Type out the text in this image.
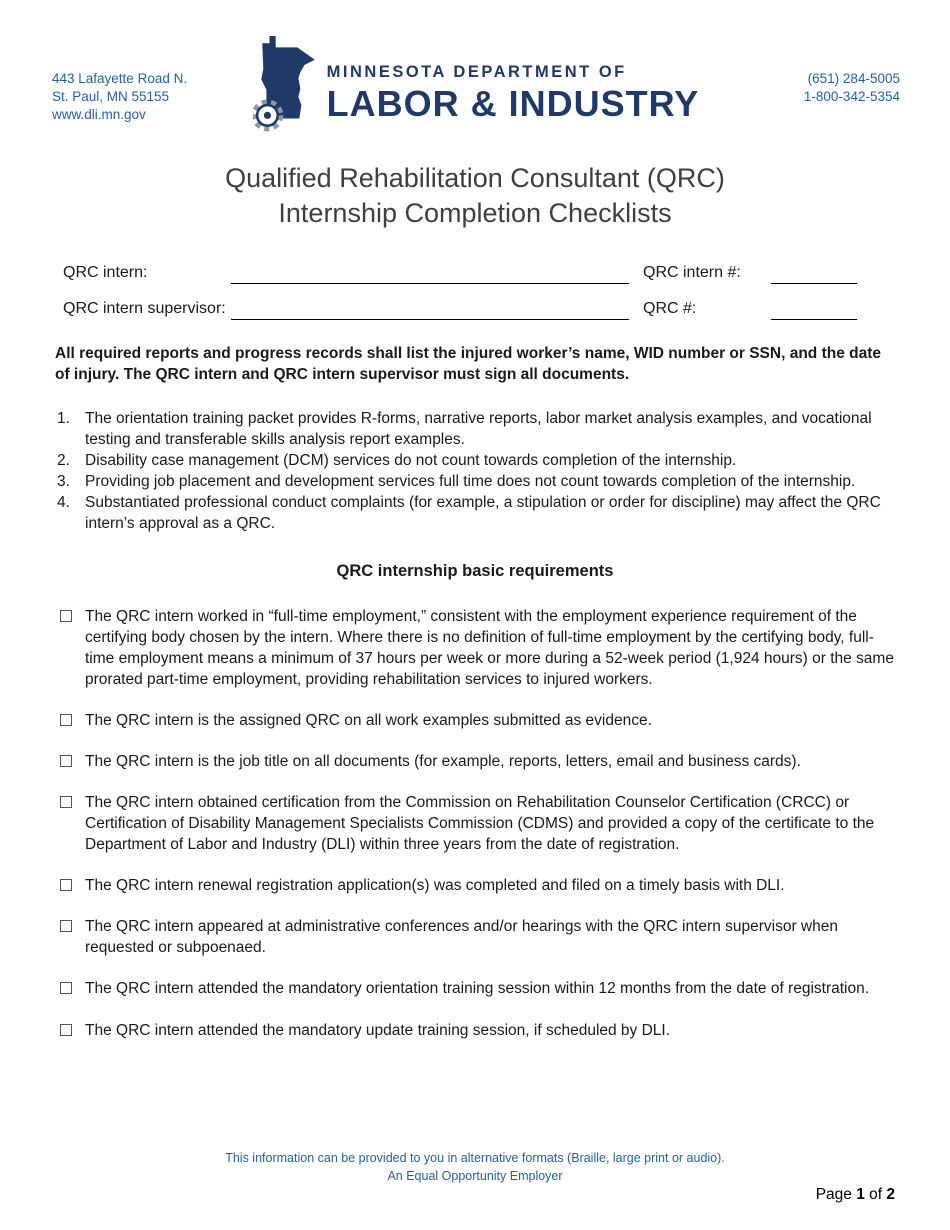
443 Lafayette Road N.
St. Paul, MN 55155
www.dli.mn.gov
MINNESOTA DEPARTMENT OF
LABOR & INDUSTRY
(651) 284-5005
1-800-342-5354
Qualified Rehabilitation Consultant (QRC)
Internship Completion Checklists
QRC intern:	QRC intern #:
QRC intern supervisor:	QRC #:
All required reports and progress records shall list the injured worker’s name, WID number or SSN, and the date of injury. The QRC intern and QRC intern supervisor must sign all documents.
1. The orientation training packet provides R-forms, narrative reports, labor market analysis examples, and vocational testing and transferable skills analysis report examples.
2. Disability case management (DCM) services do not count towards completion of the internship.
3. Providing job placement and development services full time does not count towards completion of the internship.
4. Substantiated professional conduct complaints (for example, a stipulation or order for discipline) may affect the QRC intern’s approval as a QRC.
QRC internship basic requirements
The QRC intern worked in “full-time employment,” consistent with the employment experience requirement of the certifying body chosen by the intern. Where there is no definition of full-time employment by the certifying body, full-time employment means a minimum of 37 hours per week or more during a 52-week period (1,924 hours) or the same prorated part-time employment, providing rehabilitation services to injured workers.
The QRC intern is the assigned QRC on all work examples submitted as evidence.
The QRC intern is the job title on all documents (for example, reports, letters, email and business cards).
The QRC intern obtained certification from the Commission on Rehabilitation Counselor Certification (CRCC) or Certification of Disability Management Specialists Commission (CDMS) and provided a copy of the certificate to the Department of Labor and Industry (DLI) within three years from the date of registration.
The QRC intern renewal registration application(s) was completed and filed on a timely basis with DLI.
The QRC intern appeared at administrative conferences and/or hearings with the QRC intern supervisor when requested or subpoenaed.
The QRC intern attended the mandatory orientation training session within 12 months from the date of registration.
The QRC intern attended the mandatory update training session, if scheduled by DLI.
This information can be provided to you in alternative formats (Braille, large print or audio).
An Equal Opportunity Employer
Page 1 of 2
